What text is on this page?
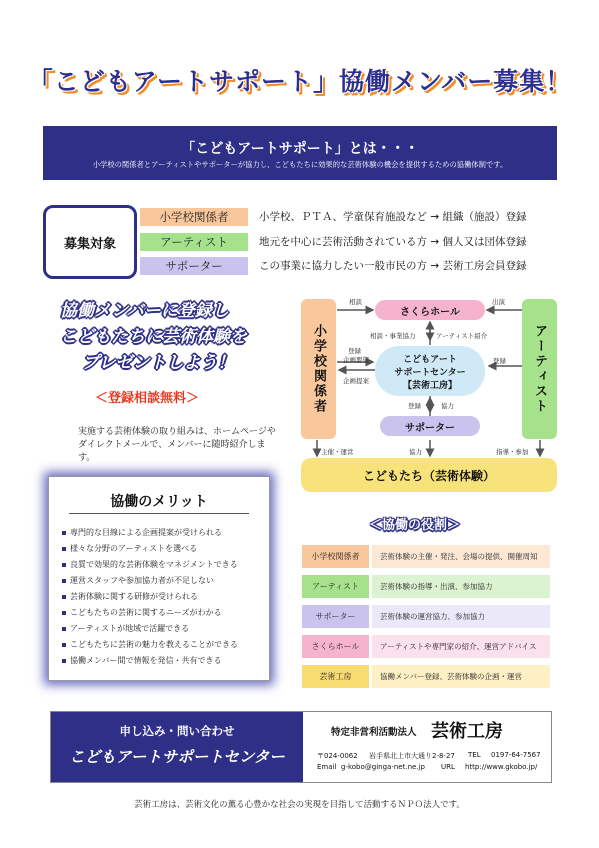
「こどもアートサポート」協働メンバー募集！
「こどもアートサポート」とは・・・
小学校の関係者とアーティストやサポーターが協力し、こどもたちに効果的な芸術体験の機会を提供するための協働体制です。
募集対象
小学校関係者	小学校、ＰＴＡ、学童保育施設など → 組織（施設）登録
アーティスト	地元を中心に芸術活動されている方 → 個人又は団体登録
サポーター	この事業に協力したい一般市民の方 → 芸術工房会員登録
協働メンバーに登録し
こどもたちに芸術体験を
プレゼントしよう！
＜登録相談無料＞
実施する芸術体験の取り組みは、ホームページや
ダイレクトメールで、メンバーに随時紹介します。
協働のメリット
専門的な目線による企画提案が受けられる
様々な分野のアーティストを選べる
良質で効果的な芸術体験をマネジメントできる
運営スタッフや参加協力者が不足しない
芸術体験に関する研修が受けられる
こどもたちの芸術に関するニーズがわかる
アーティストが地域で活躍できる
こどもたちに芸術の魅力を教えることができる
協働メンバー間で情報を発信・共有できる
小学校関係者	アーティスト
さくらホール
こどもアート
サポートセンター
【芸術工房】
サポーター
こどもたち（芸術体験）
相談	出演
相談・事業協力	アーティスト紹介
登録
企画要望
企画提案
登録
登録	協力
主催・運営	協力	指導・参加
＜協働の役割＞
小学校関係者	芸術体験の主催・発注、会場の提供、開催周知
アーティスト	芸術体験の指導・出演、参加協力
サポーター	芸術体験の運営協力、参加協力
さくらホール	アーティストや専門家の紹介、運営アドバイス
芸術工房	協働メンバー登録、芸術体験の企画・運営
申し込み・問い合わせ
こどもアートサポートセンター
特定非営利活動法人 芸術工房
〒024-0062 岩手県北上市大通り2-8-27 TEL 0197-64-7567
Email g-kobo@ginga-net.ne.jp URL http://www.gkobo.jp/
芸術工房は、芸術文化の薫る心豊かな社会の実現を目指して活動するＮＰＯ法人です。
